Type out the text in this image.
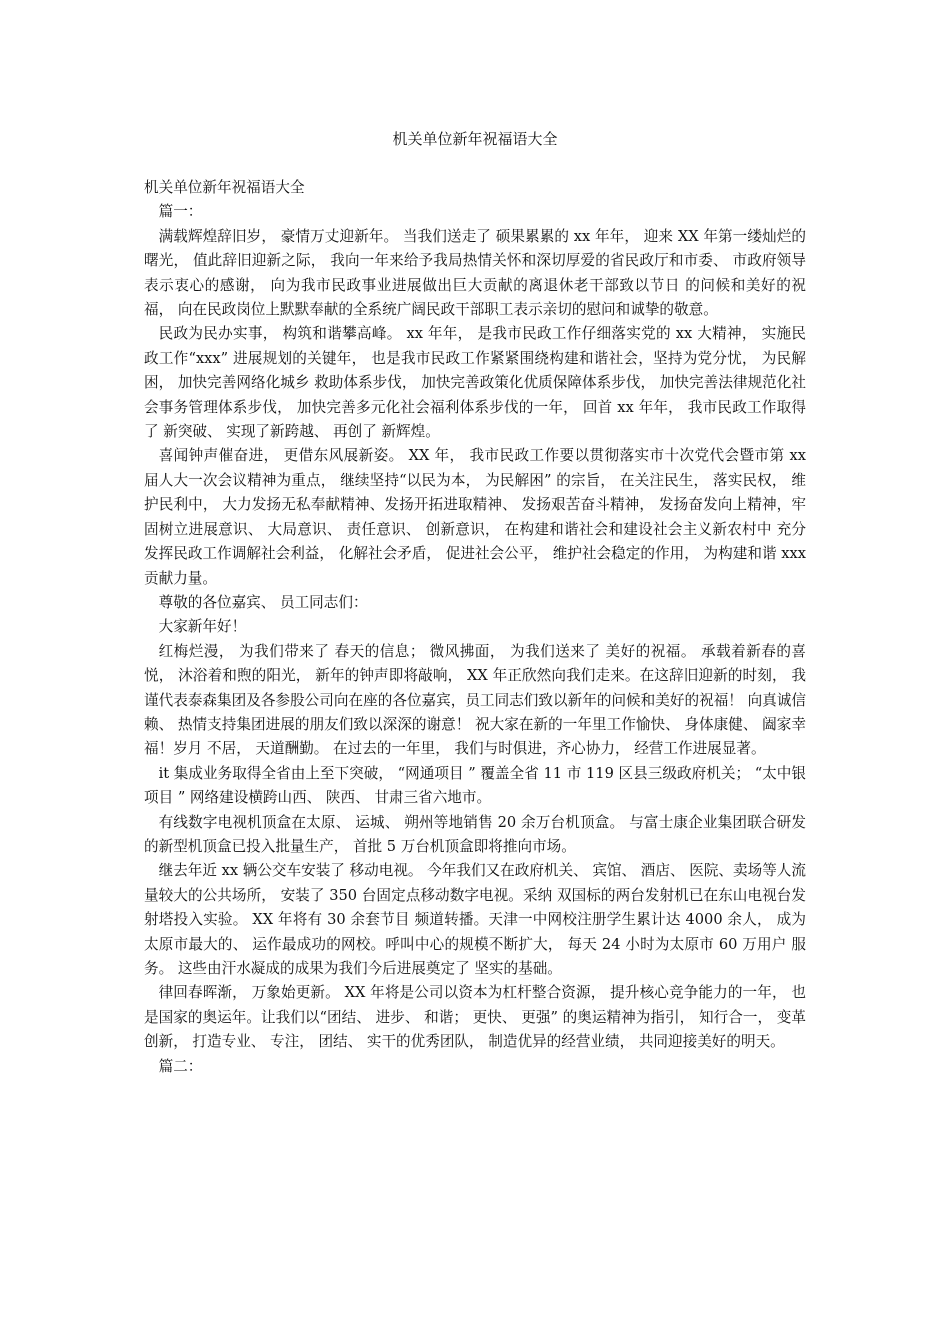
机关单位新年祝福语大全

机关单位新年祝福语大全

篇一：

满载辉煌辞旧岁， 豪情万丈迎新年。 当我们送走了 硕果累累的 xx 年年， 迎来 XX 年第一缕灿烂的曙光， 值此辞旧迎新之际， 我向一年来给予我局热情关怀和深切厚爱的省民政厅和市委、 市政府领导表示衷心的感谢， 向为我市民政事业进展做出巨大贡献的离退休老干部致以节日 的问候和美好的祝福， 向在民政岗位上默默奉献的全系统广阔民政干部职工表示亲切的慰问和诚挚的敬意。

民政为民办实事， 构筑和谐攀高峰。 xx 年年， 是我市民政工作仔细落实党的 xx 大精神， 实施民政工作“xxx” 进展规划的关键年， 也是我市民政工作紧紧围绕构建和谐社会，坚持为党分忧， 为民解困， 加快完善网络化城乡 救助体系步伐， 加快完善政策化优质保障体系步伐， 加快完善法律规范化社会事务管理体系步伐， 加快完善多元化社会福利体系步伐的一年， 回首 xx 年年， 我市民政工作取得了 新突破、 实现了新跨越、 再创了 新辉煌。

喜闻钟声催奋进， 更借东风展新姿。 XX 年， 我市民政工作要以贯彻落实市十次党代会暨市第 xx 届人大一次会议精神为重点， 继续坚持“以民为本， 为民解困” 的宗旨， 在关注民生， 落实民权， 维护民利中， 大力发扬无私奉献精神、发扬开拓进取精神、 发扬艰苦奋斗精神， 发扬奋发向上精神，牢固树立进展意识、 大局意识、 责任意识、 创新意识， 在构建和谐社会和建设社会主义新农村中 充分发挥民政工作调解社会利益， 化解社会矛盾， 促进社会公平， 维护社会稳定的作用， 为构建和谐 xxx 贡献力量。

尊敬的各位嘉宾、 员工同志们：

大家新年好！

红梅烂漫， 为我们带来了 春天的信息； 微风拂面， 为我们送来了 美好的祝福。 承载着新春的喜悦， 沐浴着和煦的阳光， 新年的钟声即将敲响， XX 年正欣然向我们走来。在这辞旧迎新的时刻， 我谨代表泰森集团及各参股公司向在座的各位嘉宾，员工同志们致以新年的问候和美好的祝福！ 向真诚信赖、 热情支持集团进展的朋友们致以深深的谢意！ 祝大家在新的一年里工作愉快、 身体康健、 阖家幸福！岁月 不居， 天道酬勤。 在过去的一年里， 我们与时俱进，齐心协力， 经营工作进展显著。

it 集成业务取得全省由上至下突破， “网通项目 ” 覆盖全省 11 市 119 区县三级政府机关； “太中银项目 ” 网络建设横跨山西、 陕西、 甘肃三省六地市。

有线数字电视机顶盒在太原、 运城、 朔州等地销售 20 余万台机顶盒。 与富士康企业集团联合研发的新型机顶盒已投入批量生产， 首批 5 万台机顶盒即将推向市场。

继去年近 xx 辆公交车安装了 移动电视。 今年我们又在政府机关、 宾馆、 酒店、 医院、卖场等人流量较大的公共场所， 安装了 350 台固定点移动数字电视。采纳 双国标的两台发射机已在东山电视台发射塔投入实验。 XX 年将有 30 余套节目 频道转播。天津一中网校注册学生累计达 4000 余人， 成为太原市最大的、 运作最成功的网校。呼叫中心的规模不断扩大， 每天 24 小时为太原市 60 万用户 服务。 这些由汗水凝成的成果为我们今后进展奠定了 坚实的基础。

律回春晖渐， 万象始更新。 XX 年将是公司以资本为杠杆整合资源， 提升核心竞争能力的一年， 也是国家的奥运年。让我们以“团结、 进步、 和谐； 更快、 更强” 的奥运精神为指引， 知行合一， 变革创新， 打造专业、 专注， 团结、 实干的优秀团队， 制造优异的经营业绩， 共同迎接美好的明天。

篇二：
